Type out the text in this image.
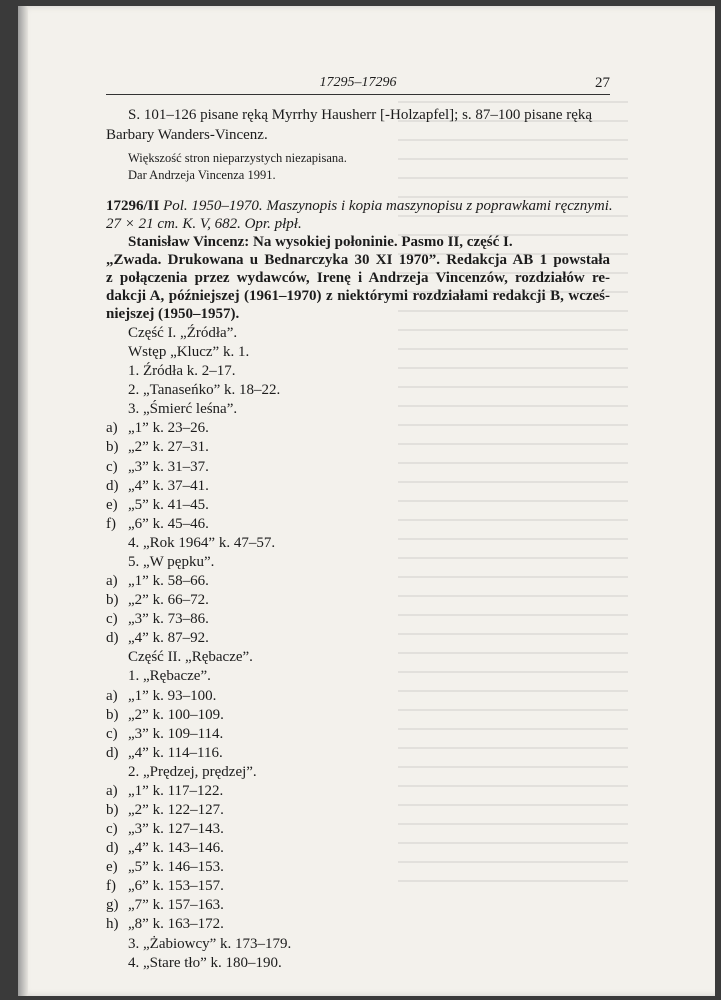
17295–17296	27
S. 101–126 pisane ręką Myrrhy Hausherr [-Holzapfel]; s. 87–100 pisane ręką
Barbary Wanders-Vincenz.
Większość stron nieparzystych niezapisana.
Dar Andrzeja Vincenza 1991.
17296/II Pol. 1950–1970. Maszynopis i kopia maszynopisu z poprawkami ręcznymi.
27 × 21 cm. K. V, 682. Opr. płpł.
Stanisław Vincenz: Na wysokiej połoninie. Pasmo II, część I.
„Zwada. Drukowana u Bednarczyka 30 XI 1970”. Redakcja AB 1 powstała
z połączenia przez wydawców, Irenę i Andrzeja Vincenzów, rozdziałów re-
dakcji A, późniejszej (1961–1970) z niektórymi rozdziałami redakcji B, wcześ-
niejszej (1950–1957).
Część I. „Źródła”.
Wstęp „Klucz” k. 1.
1. Źródła k. 2–17.
2. „Tanaseńko” k. 18–22.
3. „Śmierć leśna”.
a) „1” k. 23–26.
b) „2” k. 27–31.
c) „3” k. 31–37.
d) „4” k. 37–41.
e) „5” k. 41–45.
f) „6” k. 45–46.
4. „Rok 1964” k. 47–57.
5. „W pępku”.
a) „1” k. 58–66.
b) „2” k. 66–72.
c) „3” k. 73–86.
d) „4” k. 87–92.
Część II. „Rębacze”.
1. „Rębacze”.
a) „1” k. 93–100.
b) „2” k. 100–109.
c) „3” k. 109–114.
d) „4” k. 114–116.
2. „Prędzej, prędzej”.
a) „1” k. 117–122.
b) „2” k. 122–127.
c) „3” k. 127–143.
d) „4” k. 143–146.
e) „5” k. 146–153.
f) „6” k. 153–157.
g) „7” k. 157–163.
h) „8” k. 163–172.
3. „Żabiowcy” k. 173–179.
4. „Stare tło” k. 180–190.
